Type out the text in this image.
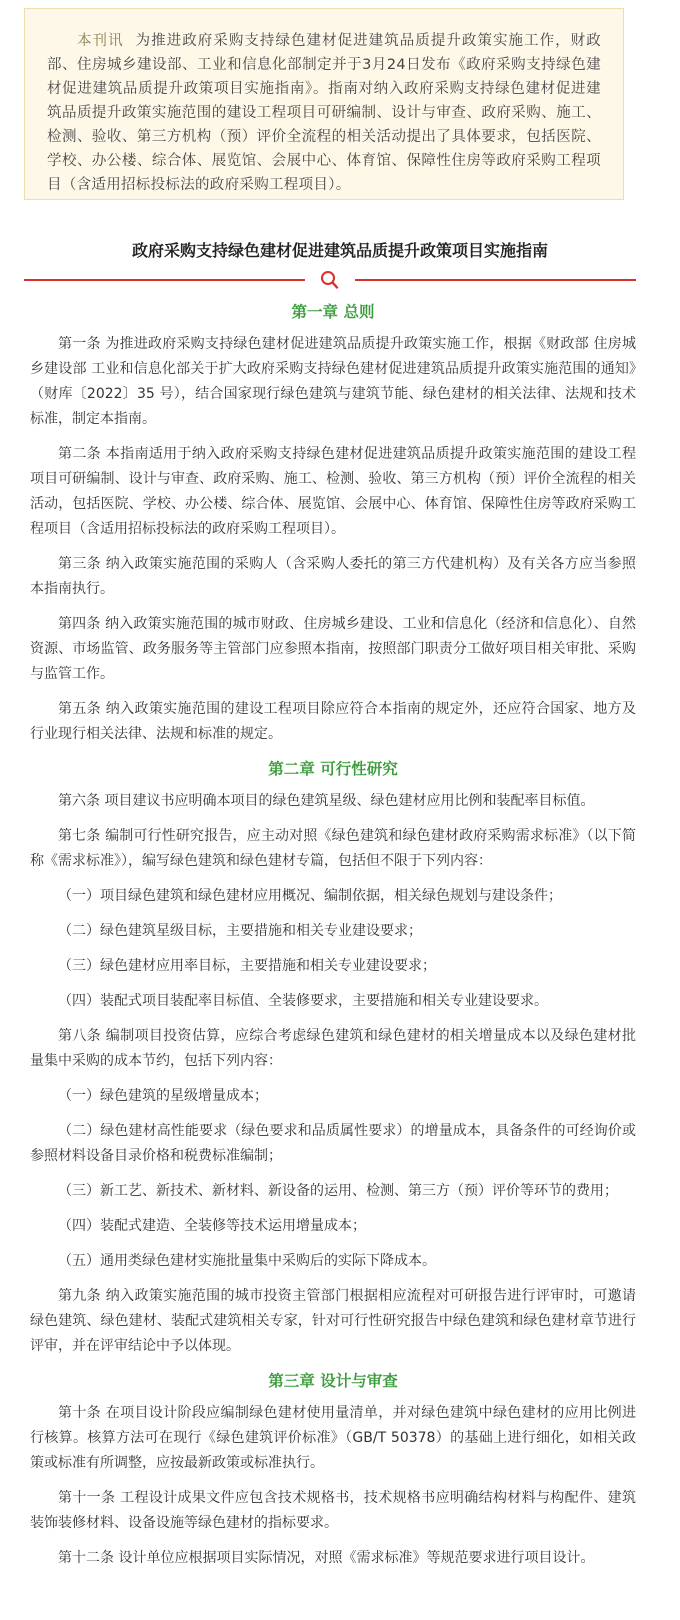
本刊讯 为推进政府采购支持绿色建材促进建筑品质提升政策实施工作，财政部、住房城乡建设部、工业和信息化部制定并于3月24日发布《政府采购支持绿色建材促进建筑品质提升政策项目实施指南》。指南对纳入政府采购支持绿色建材促进建筑品质提升政策实施范围的建设工程项目可研编制、设计与审查、政府采购、施工、检测、验收、第三方机构（预）评价全流程的相关活动提出了具体要求，包括医院、学校、办公楼、综合体、展览馆、会展中心、体育馆、保障性住房等政府采购工程项目（含适用招标投标法的政府采购工程项目）。
政府采购支持绿色建材促进建筑品质提升政策项目实施指南
第一章 总则

第一条 为推进政府采购支持绿色建材促进建筑品质提升政策实施工作，根据《财政部 住房城乡建设部 工业和信息化部关于扩大政府采购支持绿色建材促进建筑品质提升政策实施范围的通知》（财库〔2022〕35 号），结合国家现行绿色建筑与建筑节能、绿色建材的相关法律、法规和技术标准，制定本指南。

第二条 本指南适用于纳入政府采购支持绿色建材促进建筑品质提升政策实施范围的建设工程项目可研编制、设计与审查、政府采购、施工、检测、验收、第三方机构（预）评价全流程的相关活动，包括医院、学校、办公楼、综合体、展览馆、会展中心、体育馆、保障性住房等政府采购工程项目（含适用招标投标法的政府采购工程项目）。

第三条 纳入政策实施范围的采购人（含采购人委托的第三方代建机构）及有关各方应当参照本指南执行。

第四条 纳入政策实施范围的城市财政、住房城乡建设、工业和信息化（经济和信息化）、自然资源、市场监管、政务服务等主管部门应参照本指南，按照部门职责分工做好项目相关审批、采购与监管工作。

第五条 纳入政策实施范围的建设工程项目除应符合本指南的规定外，还应符合国家、地方及行业现行相关法律、法规和标准的规定。

第二章 可行性研究

第六条 项目建议书应明确本项目的绿色建筑星级、绿色建材应用比例和装配率目标值。

第七条 编制可行性研究报告，应主动对照《绿色建筑和绿色建材政府采购需求标准》（以下简称《需求标准》），编写绿色建筑和绿色建材专篇，包括但不限于下列内容：

（一）项目绿色建筑和绿色建材应用概况、编制依据，相关绿色规划与建设条件；

（二）绿色建筑星级目标，主要措施和相关专业建设要求；

（三）绿色建材应用率目标，主要措施和相关专业建设要求；

（四）装配式项目装配率目标值、全装修要求，主要措施和相关专业建设要求。

第八条 编制项目投资估算，应综合考虑绿色建筑和绿色建材的相关增量成本以及绿色建材批量集中采购的成本节约，包括下列内容：

（一）绿色建筑的星级增量成本；

（二）绿色建材高性能要求（绿色要求和品质属性要求）的增量成本，具备条件的可经询价或参照材料设备目录价格和税费标准编制；

（三）新工艺、新技术、新材料、新设备的运用、检测、第三方（预）评价等环节的费用；

（四）装配式建造、全装修等技术运用增量成本；

（五）通用类绿色建材实施批量集中采购后的实际下降成本。

第九条 纳入政策实施范围的城市投资主管部门根据相应流程对可研报告进行评审时，可邀请绿色建筑、绿色建材、装配式建筑相关专家，针对可行性研究报告中绿色建筑和绿色建材章节进行评审，并在评审结论中予以体现。

第三章 设计与审查

第十条 在项目设计阶段应编制绿色建材使用量清单，并对绿色建筑中绿色建材的应用比例进行核算。核算方法可在现行《绿色建筑评价标准》（GB/T 50378）的基础上进行细化，如相关政策或标准有所调整，应按最新政策或标准执行。

第十一条 工程设计成果文件应包含技术规格书，技术规格书应明确结构材料与构配件、建筑装饰装修材料、设备设施等绿色建材的指标要求。

第十二条 设计单位应根据项目实际情况，对照《需求标准》等规范要求进行项目设计。
